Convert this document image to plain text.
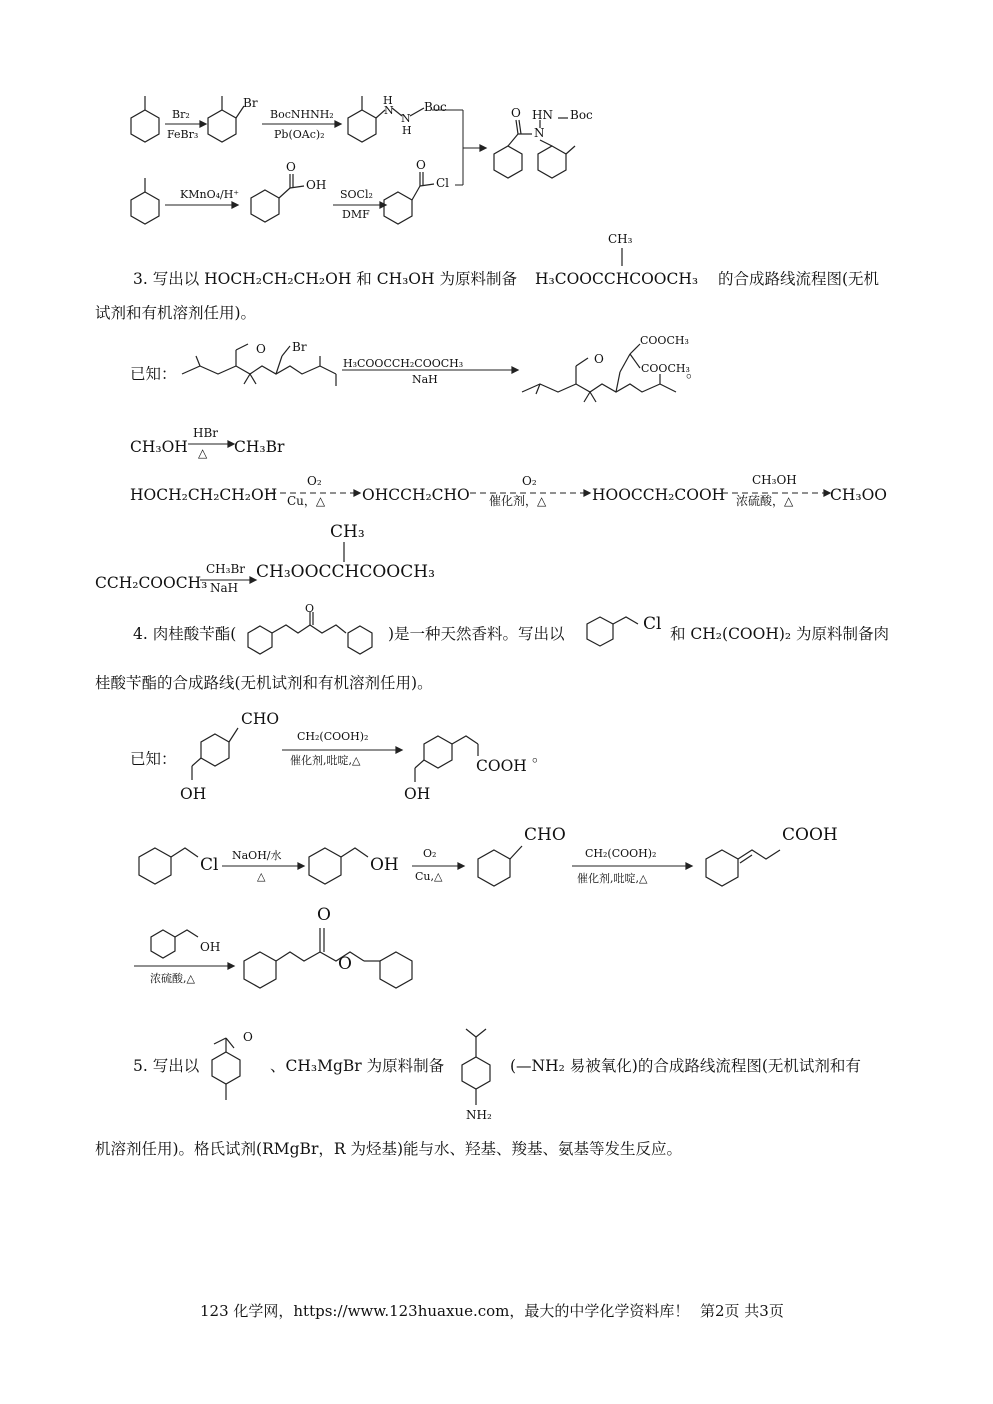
Br₂
FeBr₃
Br
BocNHNH₂
Pb(OAc)₂
H
N
N
H
Boc
KMnO₄/H⁺
O
OH
SOCl₂
DMF
O
Cl
O HN Boc
N
3. 写出以 HOCH₂CH₂CH₂OH 和 CH₃OH 为原料制备
CH₃
H₃COOCCHCOOCH₃ 的合成路线流程图(无机
试剂和有机溶剂任用)。
已知：
O Br
H₃COOCCH₂COOCH₃
NaH
O
COOCH₃
COOCH₃
。
CH₃OH
HBr
△ CH₃Br
HOCH₂CH₂CH₂OH
O₂
Cu，△ OHCCH₂CHO
O₂
催化剂，△	HOOCCH₂COOH
CH₃OH
浓硫酸，△ CH₃OO
CH₃
CCH₂COOCH₃
CH₃Br
NaH
CH₃OOCCHCOOCH₃
4. 肉桂酸苄酯(
O
)是一种天然香料。写出以	Cl 和 CH₂(COOH)₂ 为原料制备肉
桂酸苄酯的合成路线(无机试剂和有机溶剂任用)。
已知：
CHO
OH
CH₂(COOH)₂
催化剂,吡啶,△	COOH
OH
。
Cl NaOH/水
△
OH
O₂
Cu,△
CHO
CH₂(COOH)₂
催化剂,吡啶,△
COOH
OH
浓硫酸,△
O
O
5. 写出以
O
、CH₃MgBr 为原料制备
NH₂
(—NH₂ 易被氧化)的合成路线流程图(无机试剂和有
机溶剂任用)。格氏试剂(RMgBr，R 为烃基)能与水、羟基、羧基、氨基等发生反应。
123 化学网，https://www.123huaxue.com，最大的中学化学资料库！ 第2页 共3页
